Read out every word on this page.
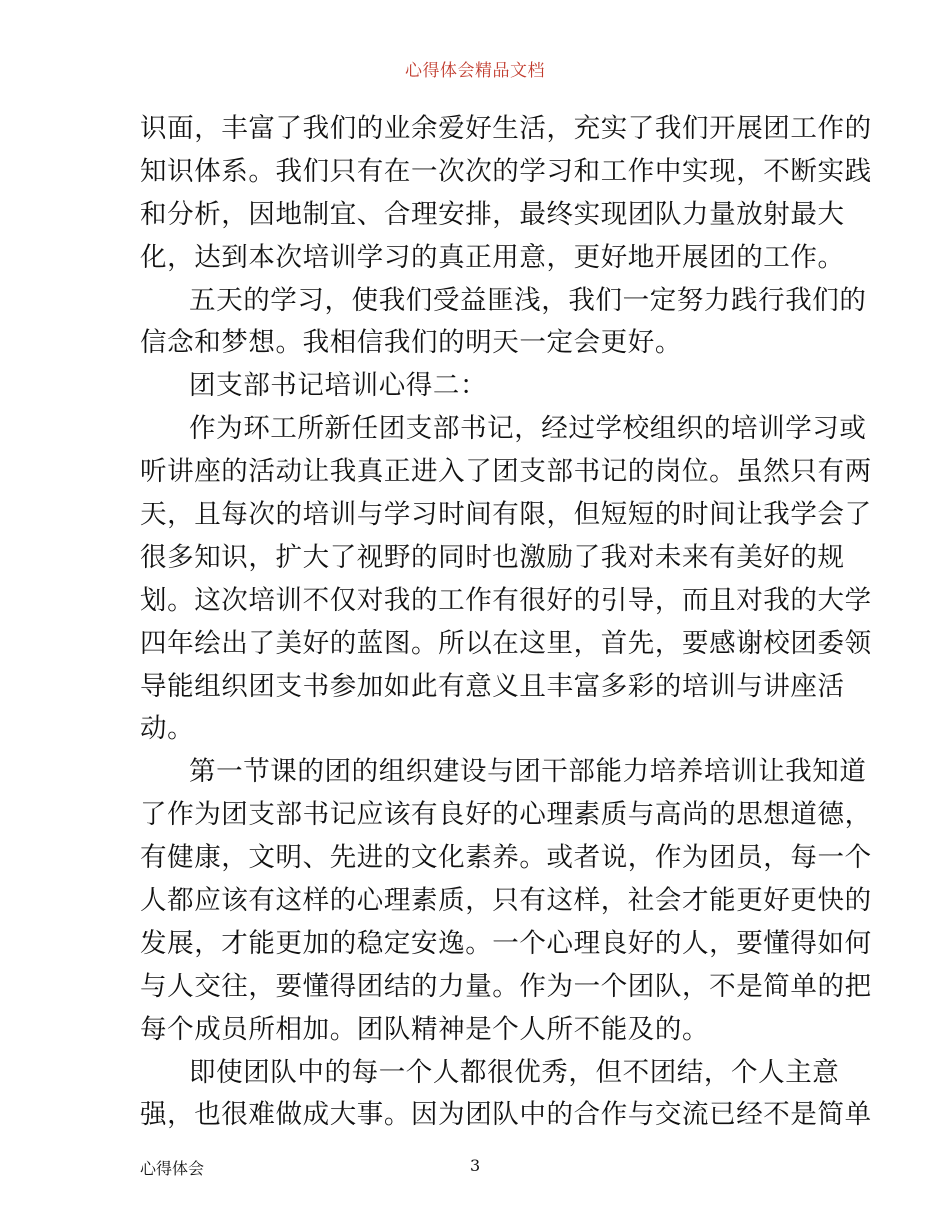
心得体会精品文档
识面，丰富了我们的业余爱好生活，充实了我们开展团工作的
知识体系。我们只有在一次次的学习和工作中实现，不断实践
和分析，因地制宜、合理安排，最终实现团队力量放射最大
化，达到本次培训学习的真正用意，更好地开展团的工作。
五天的学习，使我们受益匪浅，我们一定努力践行我们的
信念和梦想。我相信我们的明天一定会更好。
团支部书记培训心得二：
作为环工所新任团支部书记，经过学校组织的培训学习或
听讲座的活动让我真正进入了团支部书记的岗位。虽然只有两
天，且每次的培训与学习时间有限，但短短的时间让我学会了
很多知识，扩大了视野的同时也激励了我对未来有美好的规
划。这次培训不仅对我的工作有很好的引导，而且对我的大学
四年绘出了美好的蓝图。所以在这里，首先，要感谢校团委领
导能组织团支书参加如此有意义且丰富多彩的培训与讲座活
动。
第一节课的团的组织建设与团干部能力培养培训让我知道
了作为团支部书记应该有良好的心理素质与高尚的思想道德，
有健康，文明、先进的文化素养。或者说，作为团员，每一个
人都应该有这样的心理素质，只有这样，社会才能更好更快的
发展，才能更加的稳定安逸。一个心理良好的人，要懂得如何
与人交往，要懂得团结的力量。作为一个团队，不是简单的把
每个成员所相加。团队精神是个人所不能及的。
即使团队中的每一个人都很优秀，但不团结，个人主意
强，也很难做成大事。因为团队中的合作与交流已经不是简单
心得体会	3
